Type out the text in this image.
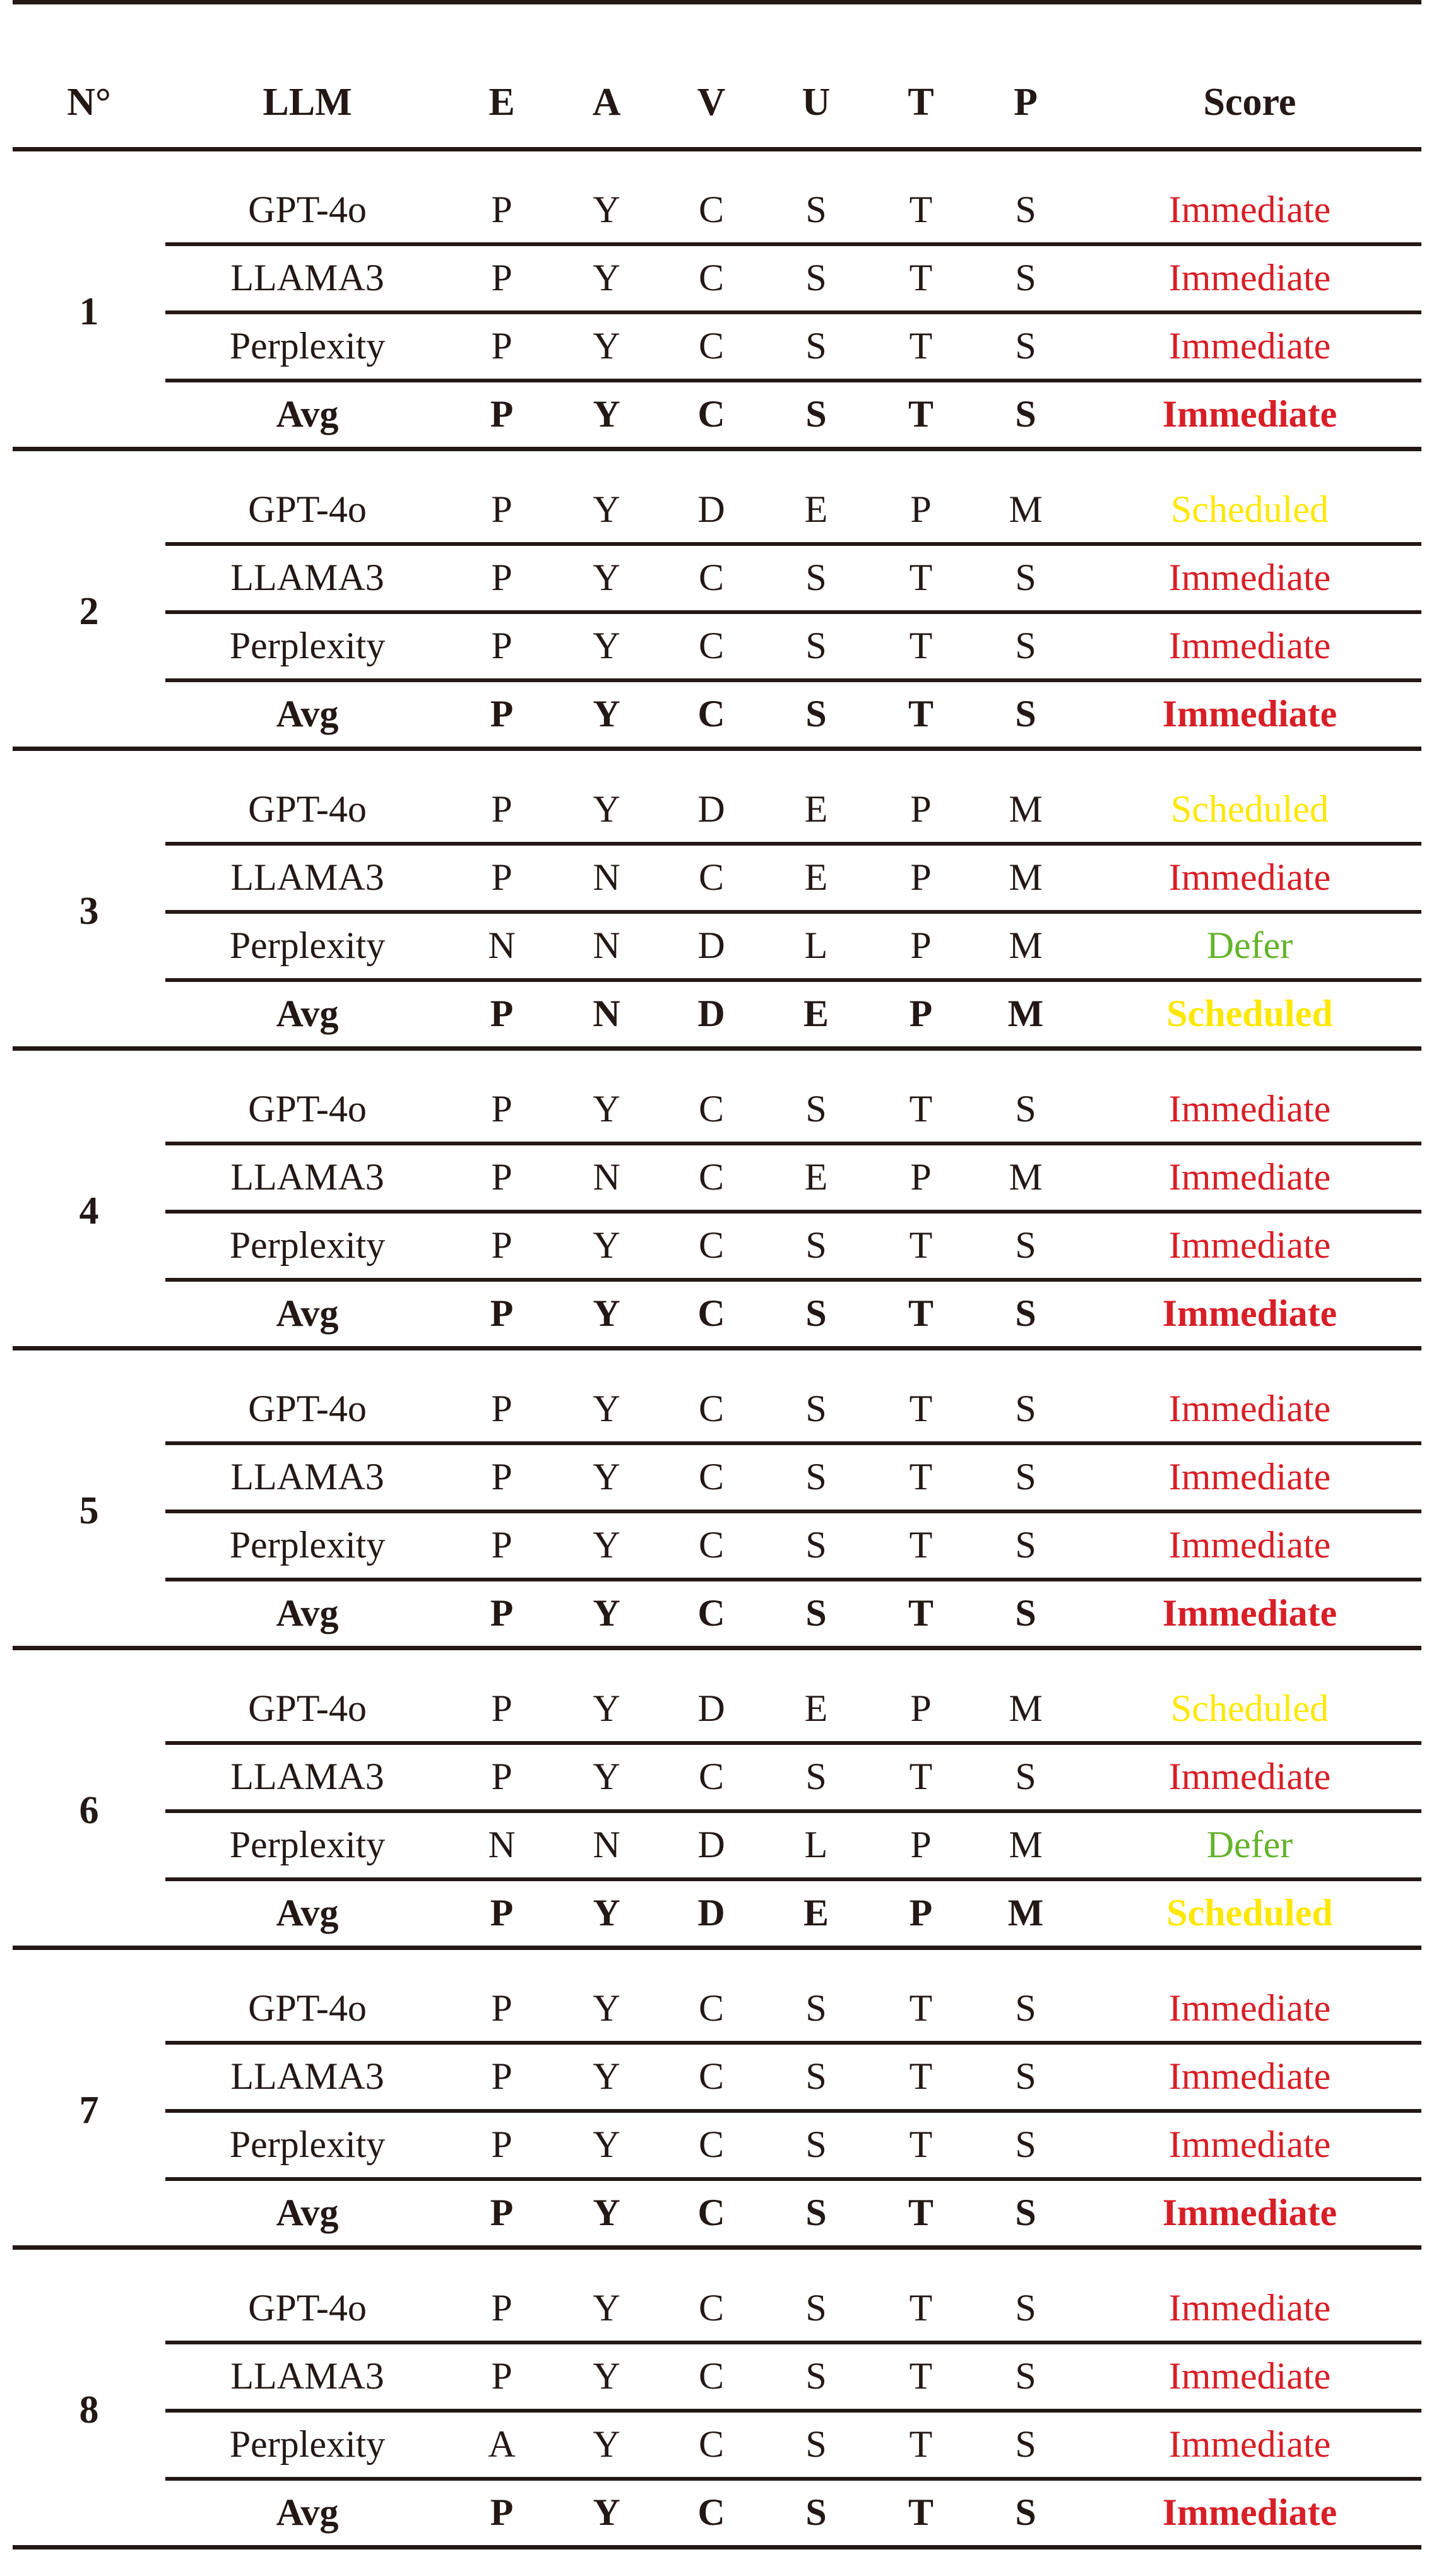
N°	LLM	E	A	V	U	T	P	Score

1	GPT-4o	P	Y	C	S	T	S	Immediate
	LLAMA3	P	Y	C	S	T	S	Immediate
	Perplexity	P	Y	C	S	T	S	Immediate
	Avg	P	Y	C	S	T	S	Immediate

2	GPT-4o	P	Y	D	E	P	M	Scheduled
	LLAMA3	P	Y	C	S	T	S	Immediate
	Perplexity	P	Y	C	S	T	S	Immediate
	Avg	P	Y	C	S	T	S	Immediate

3	GPT-4o	P	Y	D	E	P	M	Scheduled
	LLAMA3	P	N	C	E	P	M	Immediate
	Perplexity	N	N	D	L	P	M	Defer
	Avg	P	N	D	E	P	M	Scheduled

4	GPT-4o	P	Y	C	S	T	S	Immediate
	LLAMA3	P	N	C	E	P	M	Immediate
	Perplexity	P	Y	C	S	T	S	Immediate
	Avg	P	Y	C	S	T	S	Immediate

5	GPT-4o	P	Y	C	S	T	S	Immediate
	LLAMA3	P	Y	C	S	T	S	Immediate
	Perplexity	P	Y	C	S	T	S	Immediate
	Avg	P	Y	C	S	T	S	Immediate

6	GPT-4o	P	Y	D	E	P	M	Scheduled
	LLAMA3	P	Y	C	S	T	S	Immediate
	Perplexity	N	N	D	L	P	M	Defer
	Avg	P	Y	D	E	P	M	Scheduled

7	GPT-4o	P	Y	C	S	T	S	Immediate
	LLAMA3	P	Y	C	S	T	S	Immediate
	Perplexity	P	Y	C	S	T	S	Immediate
	Avg	P	Y	C	S	T	S	Immediate

8	GPT-4o	P	Y	C	S	T	S	Immediate
	LLAMA3	P	Y	C	S	T	S	Immediate
	Perplexity	A	Y	C	S	T	S	Immediate
	Avg	P	Y	C	S	T	S	Immediate
